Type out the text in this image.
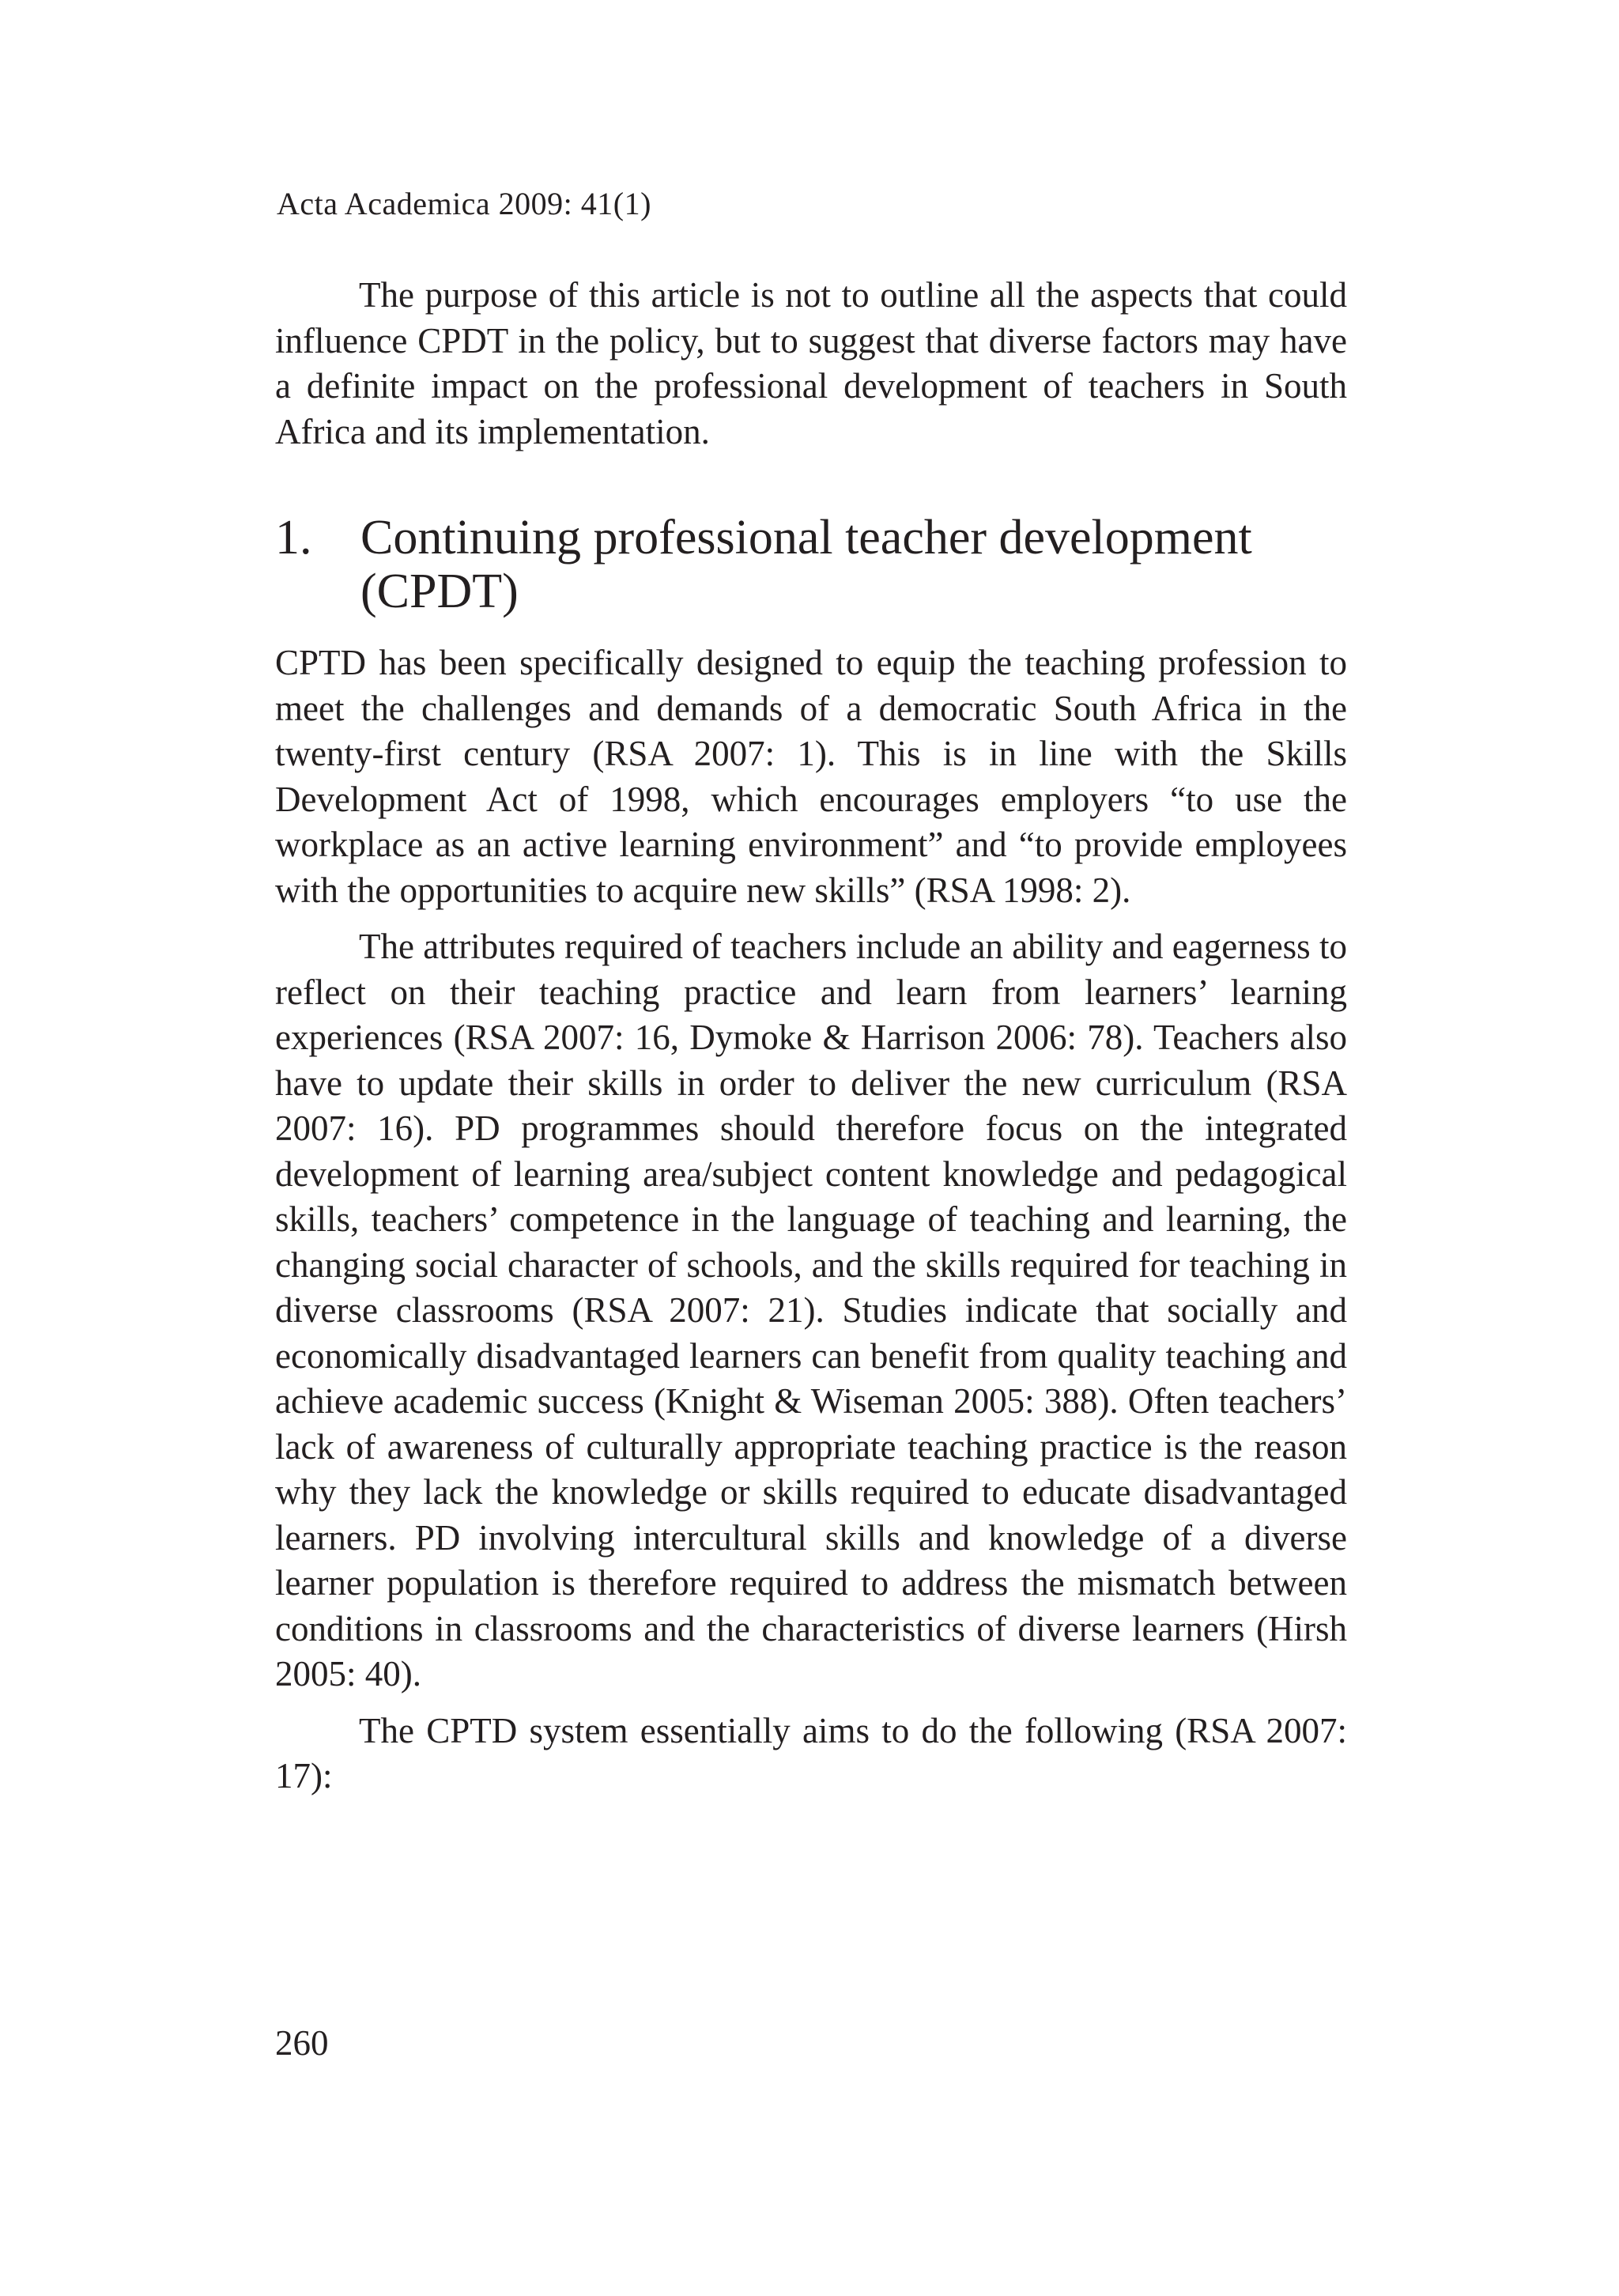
Acta Academica 2009: 41(1)

The purpose of this article is not to outline all the aspects that could influence CPDT in the policy, but to suggest that diverse factors may have a definite impact on the professional development of teachers in South Africa and its implementation.

1. Continuing professional teacher development (CPDT)

CPTD has been specifically designed to equip the teaching profession to meet the challenges and demands of a democratic South Africa in the twenty-first century (RSA 2007: 1). This is in line with the Skills Development Act of 1998, which encourages employers “to use the workplace as an active learning environment” and “to provide employees with the opportunities to acquire new skills” (RSA 1998: 2).

The attributes required of teachers include an ability and eagerness to reflect on their teaching practice and learn from learners’ learning experiences (RSA 2007: 16, Dymoke & Harrison 2006: 78). Teachers also have to update their skills in order to deliver the new curriculum (RSA 2007: 16). PD programmes should therefore focus on the integrated development of learning area/subject content knowledge and pedagogical skills, teachers’ competence in the language of teaching and learning, the changing social character of schools, and the skills required for teaching in diverse classrooms (RSA 2007: 21). Studies indicate that socially and economically disadvantaged learners can benefit from quality teaching and achieve academic success (Knight & Wiseman 2005: 388). Often teachers’ lack of awareness of culturally appropriate teaching practice is the reason why they lack the knowledge or skills required to educate disadvantaged learners. PD involving intercultural skills and knowledge of a diverse learner population is therefore required to address the mismatch between conditions in classrooms and the characteristics of diverse learners (Hirsh 2005: 40).

The CPTD system essentially aims to do the following (RSA 2007: 17):

260
